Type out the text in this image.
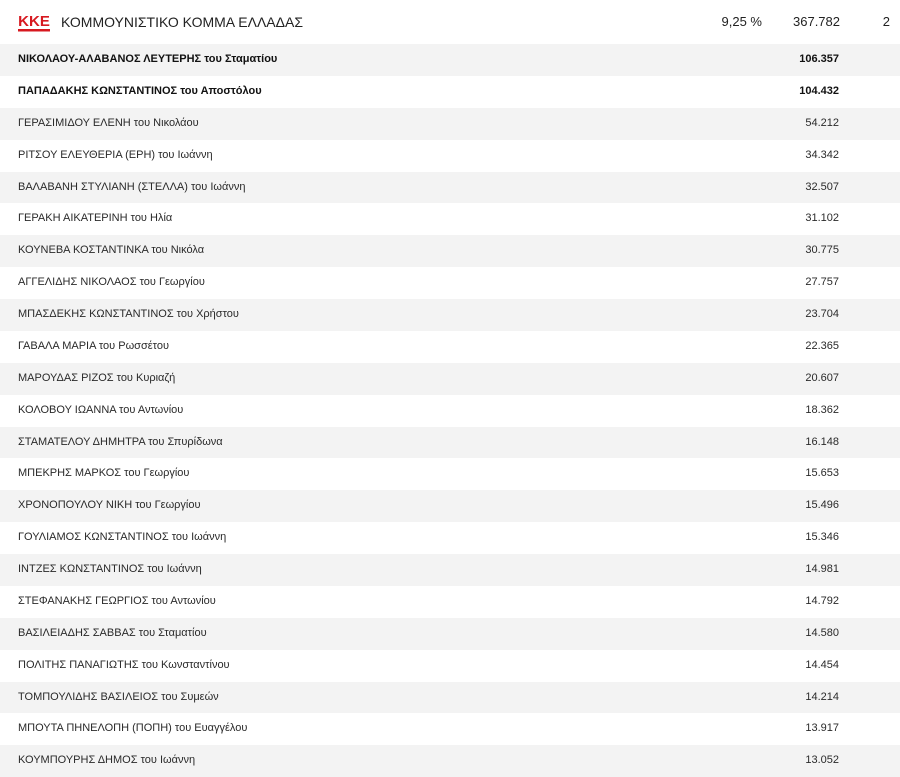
ΚΚΕ ΚΟΜΜΟΥΝΙΣΤΙΚΟ ΚΟΜΜΑ ΕΛΛΑΔΑΣ	9,25 % 367.782	2
ΝΙΚΟΛΑΟΥ-ΑΛΑΒΑΝΟΣ ΛΕΥΤΕΡΗΣ του Σταματίου	106.357
ΠΑΠΑΔΑΚΗΣ ΚΩΝΣΤΑΝΤΙΝΟΣ του Αποστόλου	104.432
ΓΕΡΑΣΙΜΙΔΟΥ ΕΛΕΝΗ του Νικολάου	54.212
ΡΙΤΣΟΥ ΕΛΕΥΘΕΡΙΑ (ΕΡΗ) του Ιωάννη	34.342
ΒΑΛΑΒΑΝΗ ΣΤΥΛΙΑΝΗ (ΣΤΕΛΛΑ) του Ιωάννη	32.507
ΓΕΡΑΚΗ ΑΙΚΑΤΕΡΙΝΗ του Ηλία	31.102
ΚΟΥΝΕΒΑ ΚΟΣΤΑΝΤΙΝΚΑ του Νικόλα	30.775
ΑΓΓΕΛΙΔΗΣ ΝΙΚΟΛΑΟΣ του Γεωργίου	27.757
ΜΠΑΣΔΕΚΗΣ ΚΩΝΣΤΑΝΤΙΝΟΣ του Χρήστου	23.704
ΓΑΒΑΛΑ ΜΑΡΙΑ του Ρωσσέτου	22.365
ΜΑΡΟΥΔΑΣ ΡΙΖΟΣ του Κυριαζή	20.607
ΚΟΛΟΒΟΥ ΙΩΑΝΝΑ του Αντωνίου	18.362
ΣΤΑΜΑΤΕΛΟΥ ΔΗΜΗΤΡΑ του Σπυρίδωνα	16.148
ΜΠΕΚΡΗΣ ΜΑΡΚΟΣ του Γεωργίου	15.653
ΧΡΟΝΟΠΟΥΛΟΥ ΝΙΚΗ του Γεωργίου	15.496
ΓΟΥΛΙΑΜΟΣ ΚΩΝΣΤΑΝΤΙΝΟΣ του Ιωάννη	15.346
ΙΝΤΖΕΣ ΚΩΝΣΤΑΝΤΙΝΟΣ του Ιωάννη	14.981
ΣΤΕΦΑΝΑΚΗΣ ΓΕΩΡΓΙΟΣ του Αντωνίου	14.792
ΒΑΣΙΛΕΙΑΔΗΣ ΣΑΒΒΑΣ του Σταματίου	14.580
ΠΟΛΙΤΗΣ ΠΑΝΑΓΙΩΤΗΣ του Κωνσταντίνου	14.454
ΤΟΜΠΟΥΛΙΔΗΣ ΒΑΣΙΛΕΙΟΣ του Συμεών	14.214
ΜΠΟΥΤΑ ΠΗΝΕΛΟΠΗ (ΠΟΠΗ) του Ευαγγέλου	13.917
ΚΟΥΜΠΟΥΡΗΣ ΔΗΜΟΣ του Ιωάννη	13.052
